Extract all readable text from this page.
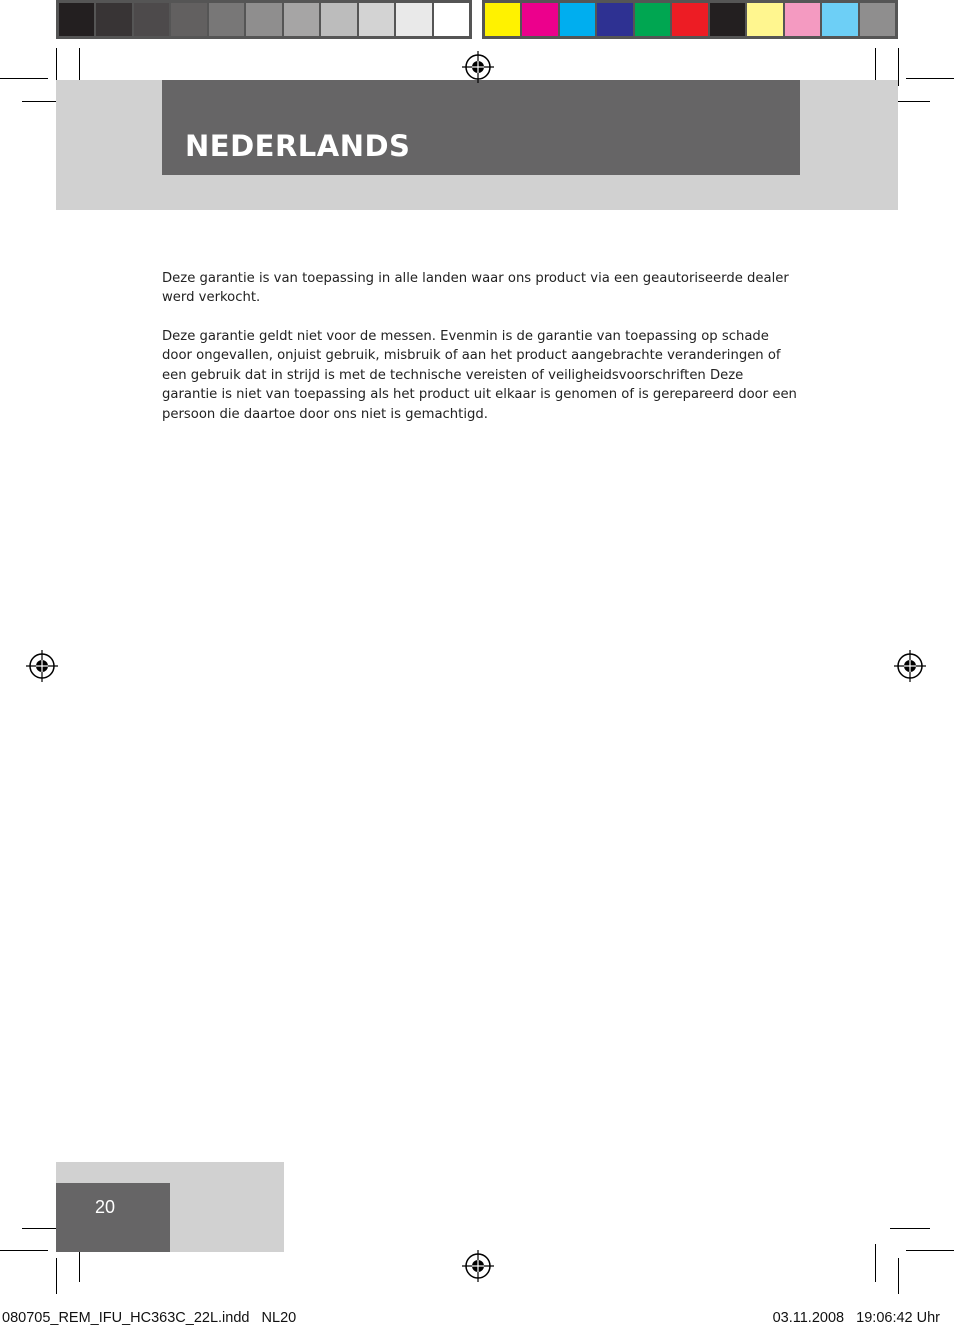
NEDERLANDS

Deze garantie is van toepassing in alle landen waar ons product via een geautoriseerde dealer werd verkocht.

Deze garantie geldt niet voor de messen. Evenmin is de garantie van toepassing op schade door ongevallen, onjuist gebruik, misbruik of aan het product aangebrachte veranderingen of een gebruik dat in strijd is met de technische vereisten of veiligheidsvoorschriften Deze garantie is niet van toepassing als het product uit elkaar is genomen of is gerepareerd door een persoon die daartoe door ons niet is gemachtigd.

20
080705_REM_IFU_HC363C_22L.indd   NL20	03.11.2008   19:06:42 Uhr
